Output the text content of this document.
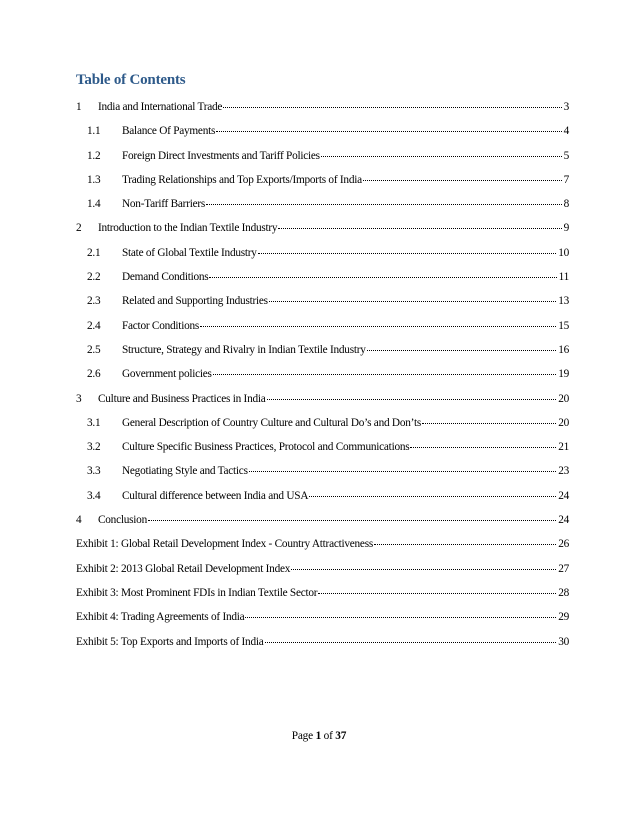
Table of Contents
1	India and International Trade	3
1.1	Balance Of Payments	4
1.2	Foreign Direct Investments and Tariff Policies	5
1.3	Trading Relationships and Top Exports/Imports of India	7
1.4	Non-Tariff Barriers	8
2	Introduction to the Indian Textile Industry	9
2.1	State of Global Textile Industry	10
2.2	Demand Conditions	11
2.3	Related and Supporting Industries	13
2.4	Factor Conditions	15
2.5	Structure, Strategy and Rivalry in Indian Textile Industry	16
2.6	Government policies	19
3	Culture and Business Practices in India	20
3.1	General Description of Country Culture and Cultural Do’s and Don’ts	20
3.2	Culture Specific Business Practices, Protocol and Communications	21
3.3	Negotiating Style and Tactics	23
3.4	Cultural difference between India and USA	24
4	Conclusion	24
Exhibit 1: Global Retail Development Index - Country Attractiveness	26
Exhibit 2: 2013 Global Retail Development Index	27
Exhibit 3: Most Prominent FDIs in Indian Textile Sector	28
Exhibit 4: Trading Agreements of India	29
Exhibit 5: Top Exports and Imports of India	30
Page 1 of 37
